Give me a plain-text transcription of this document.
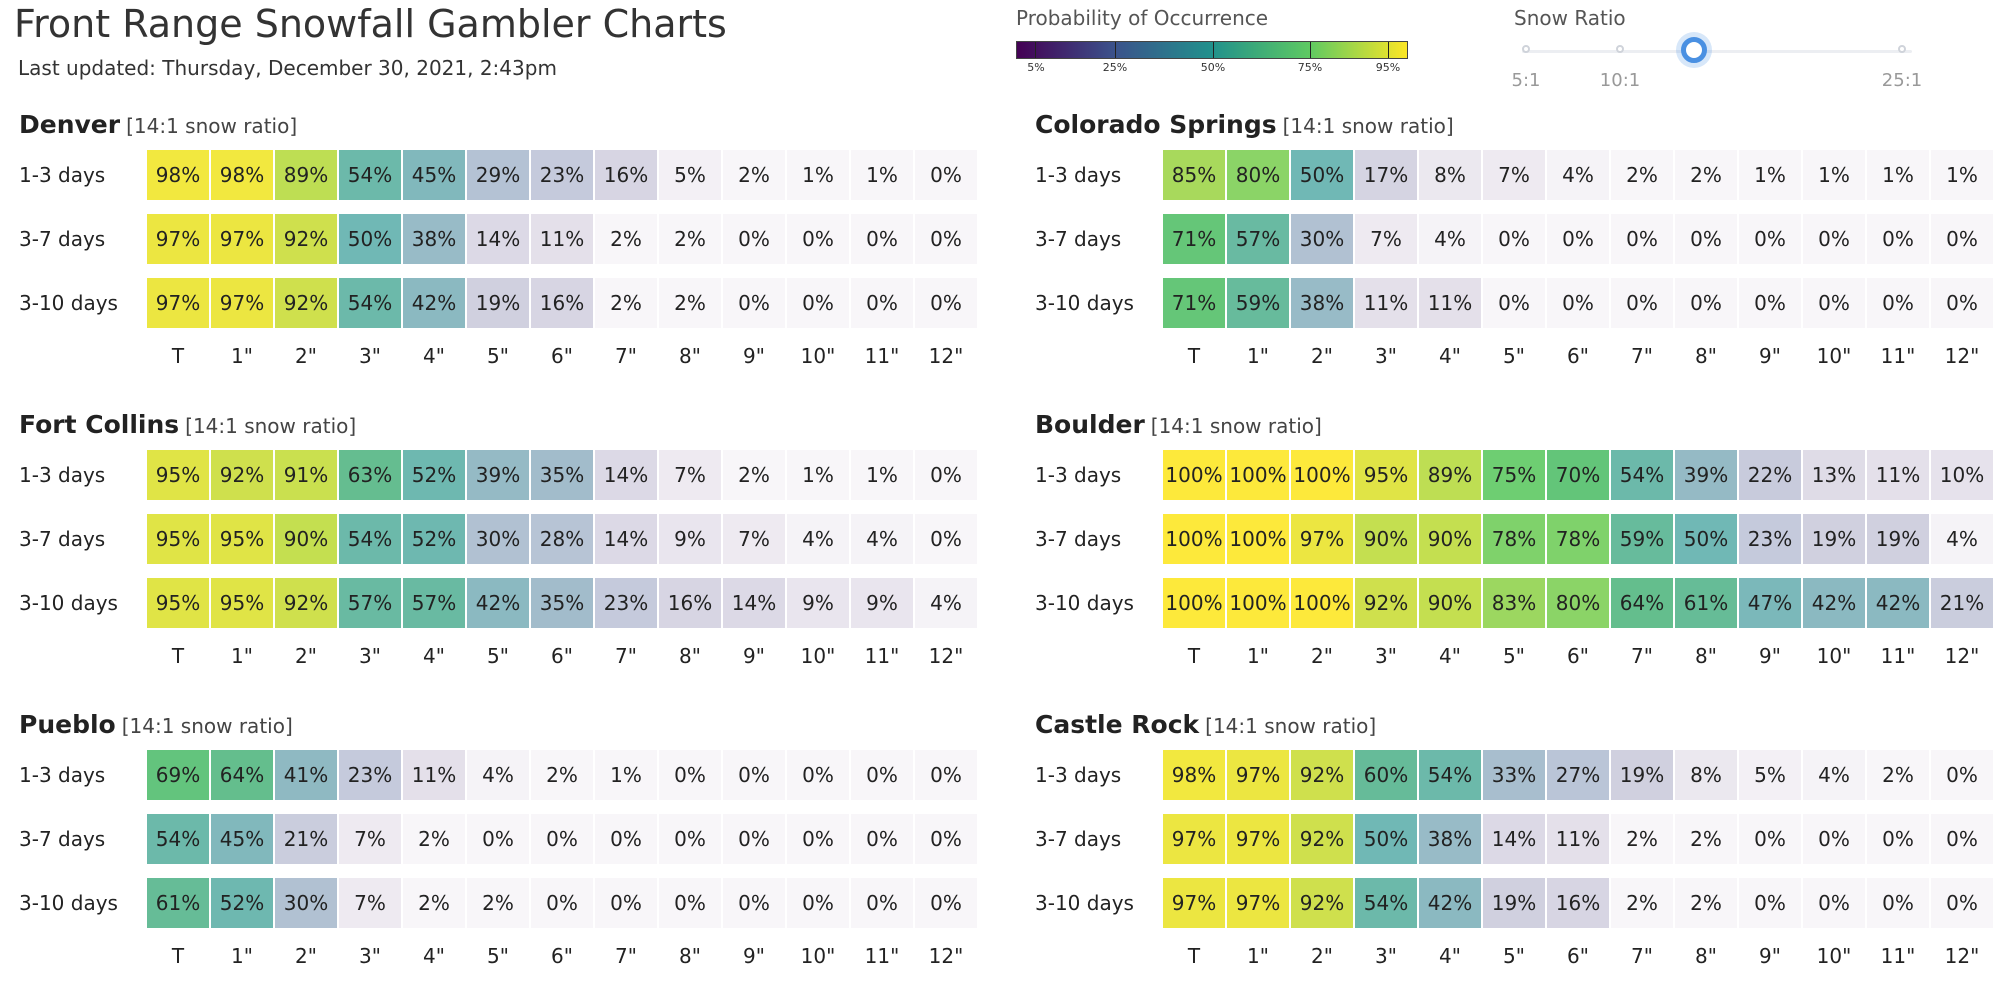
Front Range Snowfall Gambler Charts
Last updated: Thursday, December 30, 2021, 2:43pm
Probability of Occurrence
5%	25%	50%	75%	95%
Snow Ratio
5:1	10:1	25:1
Denver [14:1 snow ratio]
1-3 days	98% 98% 89% 54% 45% 29% 23% 16%	5%	2%	1%	1%	0%
3-7 days	97% 97% 92% 50% 38% 14% 11%	2%	2%	0%	0%	0%	0%
3-10 days	97% 97% 92% 54% 42% 19% 16%	2%	2%	0%	0%	0%	0%
T	1"	2"	3"	4"	5"	6"	7"	8"	9"	10"	11"	12"
Colorado Springs [14:1 snow ratio]
1-3 days	85% 80% 50% 17%	8%	7%	4%	2%	2%	1%	1%	1%	1%
3-7 days	71% 57% 30%	7%	4%	0%	0%	0%	0%	0%	0%	0%	0%
3-10 days	71% 59% 38% 11% 11%	0%	0%	0%	0%	0%	0%	0%	0%
T	1"	2"	3"	4"	5"	6"	7"	8"	9"	10"	11"	12"
Fort Collins [14:1 snow ratio]
1-3 days	95% 92% 91% 63% 52% 39% 35% 14%	7%	2%	1%	1%	0%
3-7 days	95% 95% 90% 54% 52% 30% 28% 14%	9%	7%	4%	4%	0%
3-10 days	95% 95% 92% 57% 57% 42% 35% 23% 16% 14%	9%	9%	4%
T	1"	2"	3"	4"	5"	6"	7"	8"	9"	10"	11"	12"
Boulder [14:1 snow ratio]
1-3 days 100% 100% 100% 95% 89% 75% 70% 54% 39% 22% 13% 11% 10%
3-7 days 100% 100% 97% 90% 90% 78% 78% 59% 50% 23% 19% 19%	4%
3-10 days 100% 100% 100% 92% 90% 83% 80% 64% 61% 47% 42% 42% 21%
T	1"	2"	3"	4"	5"	6"	7"	8"	9"	10"	11"	12"
Pueblo [14:1 snow ratio]
1-3 days	69% 64% 41% 23% 11%	4%	2%	1%	0%	0%	0%	0%	0%
3-7 days	54% 45% 21%	7%	2%	0%	0%	0%	0%	0%	0%	0%	0%
3-10 days	61% 52% 30%	7%	2%	2%	0%	0%	0%	0%	0%	0%	0%
T	1"	2"	3"	4"	5"	6"	7"	8"	9"	10"	11"	12"
Castle Rock [14:1 snow ratio]
1-3 days	98% 97% 92% 60% 54% 33% 27% 19%	8%	5%	4%	2%	0%
3-7 days	97% 97% 92% 50% 38% 14% 11%	2%	2%	0%	0%	0%	0%
3-10 days	97% 97% 92% 54% 42% 19% 16%	2%	2%	0%	0%	0%	0%
T	1"	2"	3"	4"	5"	6"	7"	8"	9"	10"	11"	12"
